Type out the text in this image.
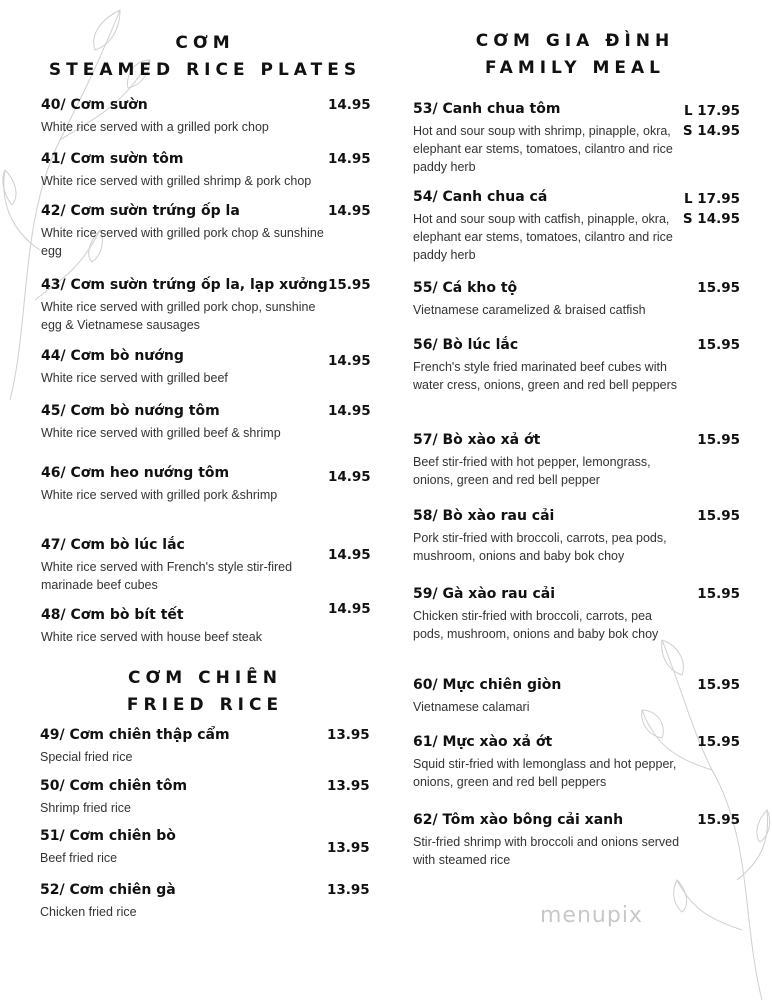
CƠM
STEAMED RICE PLATES
40/ Cơm sườn
White rice served with a grilled pork chop
41/ Cơm sườn tôm
White rice served with grilled shrimp & pork chop
42/ Cơm sườn trứng ốp la
White rice served with grilled pork chop & sunshine egg
43/ Cơm sườn trứng ốp la, lạp xưởng
White rice served with grilled pork chop, sunshine egg & Vietnamese sausages
44/ Cơm bò nướng
White rice served with grilled beef
45/ Cơm bò nướng tôm
White rice served with grilled beef & shrimp
46/ Cơm heo nướng tôm
White rice served with grilled pork &shrimp
47/ Cơm bò lúc lắc
White rice served with French's style stir-fired marinade beef cubes
48/ Cơm bò bít tết
White rice served with house beef steak
CƠM CHIÊN
FRIED RICE
49/ Cơm chiên thập cẩm
Special fried rice
50/ Cơm chiên tôm
Shrimp fried rice
51/ Cơm chiên bò
Beef fried rice
52/ Cơm chiên gà
Chicken fried rice
CƠM GIA ĐÌNH
FAMILY MEAL
53/ Canh chua tôm
Hot and sour soup with shrimp, pinapple, okra, elephant ear stems, tomatoes, cilantro and rice paddy herb
54/ Canh chua cá
Hot and sour soup with catfish, pinapple, okra, elephant ear stems, tomatoes, cilantro and rice paddy herb
55/ Cá kho tộ
Vietnamese caramelized & braised catfish
56/ Bò lúc lắc
French's style fried marinated beef cubes with water cress, onions, green and red bell peppers
57/ Bò xào xả ớt
Beef stir-fried with hot pepper, lemongrass, onions, green and red bell pepper
58/ Bò xào rau cải
Pork stir-fried with broccoli, carrots, pea pods, mushroom, onions and baby bok choy
59/ Gà xào rau cải
Chicken stir-fried with broccoli, carrots, pea pods, mushroom, onions and baby bok choy
60/ Mực chiên giòn
Vietnamese calamari
61/ Mực xào xả ớt
Squid stir-fried with lemonglass and hot pepper, onions, green and red bell peppers
62/ Tôm xào bông cải xanh
Stir-fried shrimp with broccoli and onions served with steamed rice
menupix
14.95
14.95
14.95
15.95
14.95
14.95
14.95
14.95
14.95
13.95
13.95
13.95
13.95
L 17.95
S 14.95
L 17.95
S 14.95
15.95
15.95
15.95
15.95
15.95
15.95
15.95
15.95
